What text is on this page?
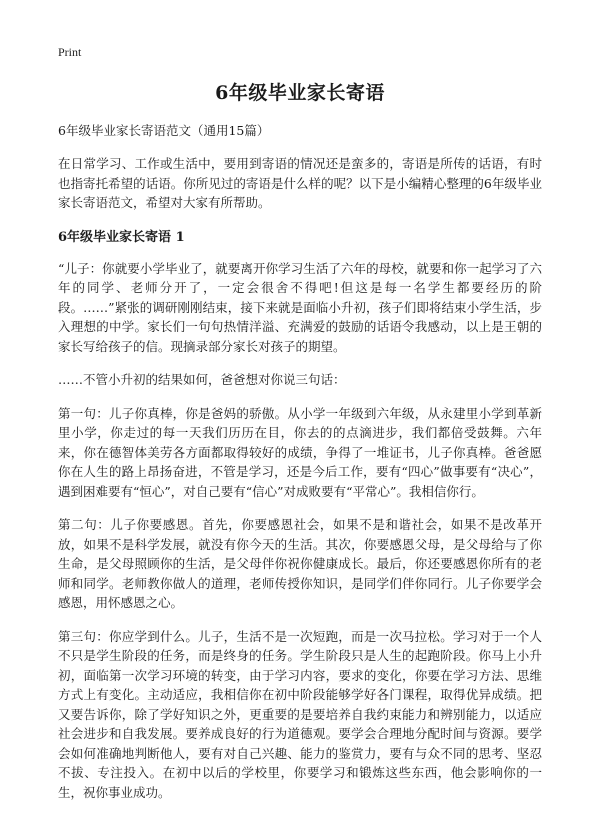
Print
6年级毕业家长寄语
6年级毕业家长寄语范文（通用15篇）

在日常学习、工作或生活中，要用到寄语的情况还是蛮多的，寄语是所传的话语，有时也指寄托希望的话语。你所见过的寄语是什么样的呢？以下是小编精心整理的6年级毕业家长寄语范文，希望对大家有所帮助。

6年级毕业家长寄语 1

“儿子：你就要小学毕业了，就要离开你学习生活了六年的母校，就要和你一起学习了六年的同学、老师分开了，一定会很舍不得吧!但这是每一名学生都要经历的阶段。……”紧张的调研刚刚结束，接下来就是面临小升初，孩子们即将结束小学生活，步入理想的中学。家长们一句句热情洋溢、充满爱的鼓励的话语令我感动，以上是王朝的家长写给孩子的信。现摘录部分家长对孩子的期望。

……不管小升初的结果如何，爸爸想对你说三句话：

第一句：儿子你真棒，你是爸妈的骄傲。从小学一年级到六年级，从永建里小学到革新里小学，你走过的每一天我们历历在目，你去的的点滴进步，我们都倍受鼓舞。六年来，你在德智体美劳各方面都取得较好的成绩，争得了一堆证书，儿子你真棒。爸爸愿你在人生的路上昂扬奋进，不管是学习，还是今后工作，要有“四心”做事要有“决心”，遇到困难要有“恒心”，对自己要有“信心”对成败要有“平常心”。我相信你行。

第二句：儿子你要感恩。首先，你要感恩社会，如果不是和谐社会，如果不是改革开放，如果不是科学发展，就没有你今天的生活。其次，你要感恩父母，是父母给与了你生命，是父母照顾你的生活，是父母伴你祝你健康成长。最后，你还要感恩你所有的老师和同学。老师教你做人的道理，老师传授你知识，是同学们伴你同行。儿子你要学会感恩，用怀感恩之心。

第三句：你应学到什么。儿子，生活不是一次短跑，而是一次马拉松。学习对于一个人不只是学生阶段的任务，而是终身的任务。学生阶段只是人生的起跑阶段。你马上小升初，面临第一次学习环境的转变，由于学习内容，要求的变化，你要在学习方法、思维方式上有变化。主动适应，我相信你在初中阶段能够学好各门课程，取得优异成绩。把又要告诉你，除了学好知识之外，更重要的是要培养自我约束能力和辨别能力，以适应社会进步和自我发展。要养成良好的行为道德观。要学会合理地分配时间与资源。要学会如何准确地判断他人，要有对自己兴趣、能力的鉴赏力，要有与众不同的思考、坚忍不拔、专注投入。在初中以后的学校里，你要学习和锻炼这些东西，他会影响你的一生，祝你事业成功。
